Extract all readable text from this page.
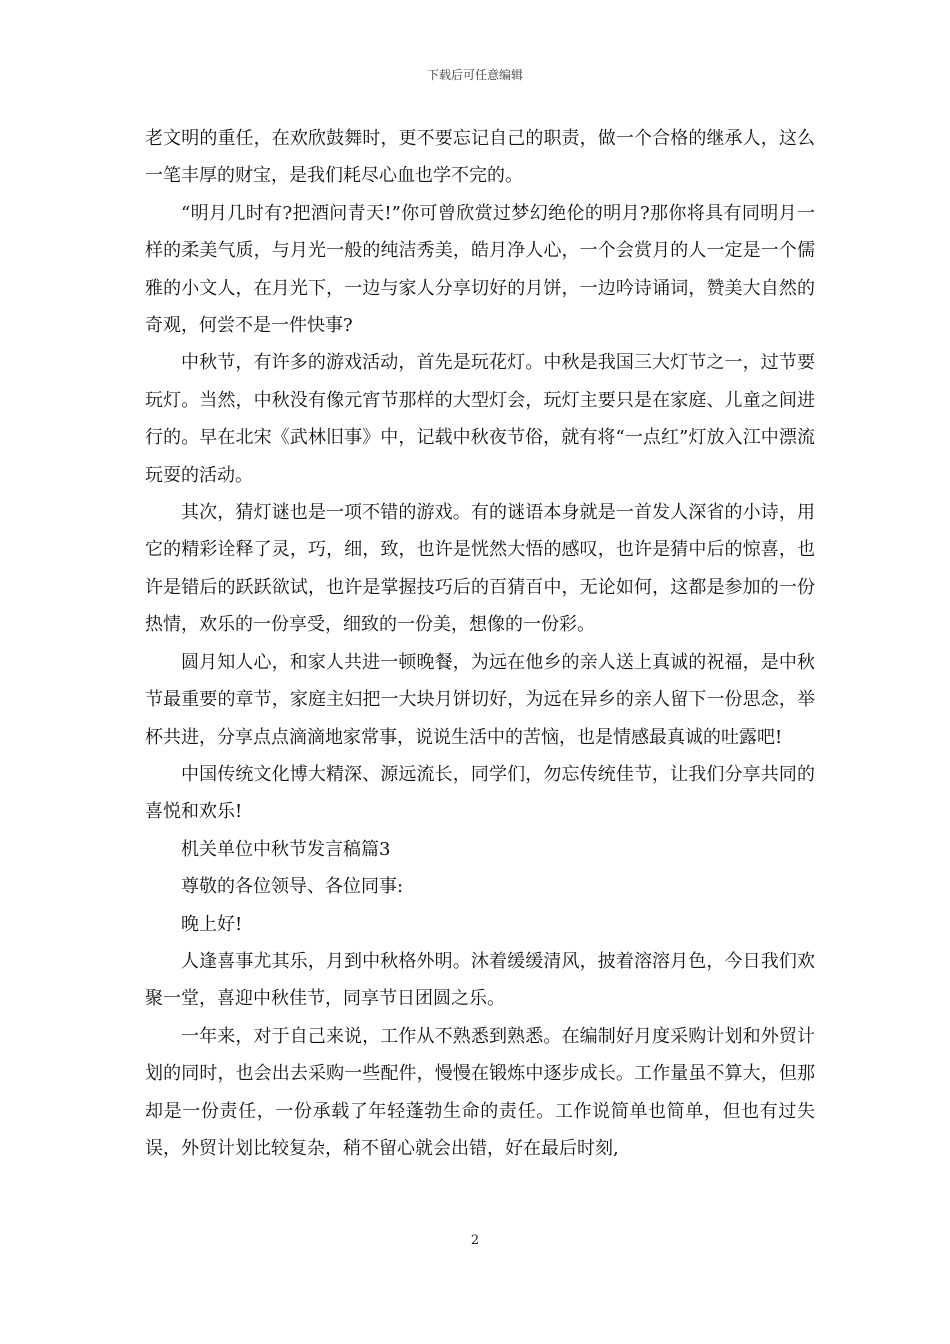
下载后可任意编辑

老文明的重任，在欢欣鼓舞时，更不要忘记自己的职责，做一个合格的继承人，这么一笔丰厚的财宝，是我们耗尽心血也学不完的。

“明月几时有?把酒问青天!”你可曾欣赏过梦幻绝伦的明月?那你将具有同明月一样的柔美气质，与月光一般的纯洁秀美，皓月净人心，一个会赏月的人一定是一个儒雅的小文人，在月光下，一边与家人分享切好的月饼，一边吟诗诵词，赞美大自然的奇观，何尝不是一件快事?

中秋节，有许多的游戏活动，首先是玩花灯。中秋是我国三大灯节之一，过节要玩灯。当然，中秋没有像元宵节那样的大型灯会，玩灯主要只是在家庭、儿童之间进行的。早在北宋《武林旧事》中，记载中秋夜节俗，就有将“一点红”灯放入江中漂流玩耍的活动。

其次，猜灯谜也是一项不错的游戏。有的谜语本身就是一首发人深省的小诗，用它的精彩诠释了灵，巧，细，致，也许是恍然大悟的感叹，也许是猜中后的惊喜，也许是错后的跃跃欲试，也许是掌握技巧后的百猜百中，无论如何，这都是参加的一份热情，欢乐的一份享受，细致的一份美，想像的一份彩。

圆月知人心，和家人共进一顿晚餐，为远在他乡的亲人送上真诚的祝福，是中秋节最重要的章节，家庭主妇把一大块月饼切好，为远在异乡的亲人留下一份思念，举杯共进，分享点点滴滴地家常事，说说生活中的苦恼，也是情感最真诚的吐露吧!

中国传统文化博大精深、源远流长，同学们，勿忘传统佳节，让我们分享共同的喜悦和欢乐!

机关单位中秋节发言稿篇3

尊敬的各位领导、各位同事:

晚上好!

人逢喜事尤其乐，月到中秋格外明。沐着缓缓清风，披着溶溶月色，今日我们欢聚一堂，喜迎中秋佳节，同享节日团圆之乐。

一年来，对于自己来说，工作从不熟悉到熟悉。在编制好月度采购计划和外贸计划的同时，也会出去采购一些配件，慢慢在锻炼中逐步成长。工作量虽不算大，但那却是一份责任，一份承载了年轻蓬勃生命的责任。工作说简单也简单，但也有过失误，外贸计划比较复杂，稍不留心就会出错，好在最后时刻,

2
